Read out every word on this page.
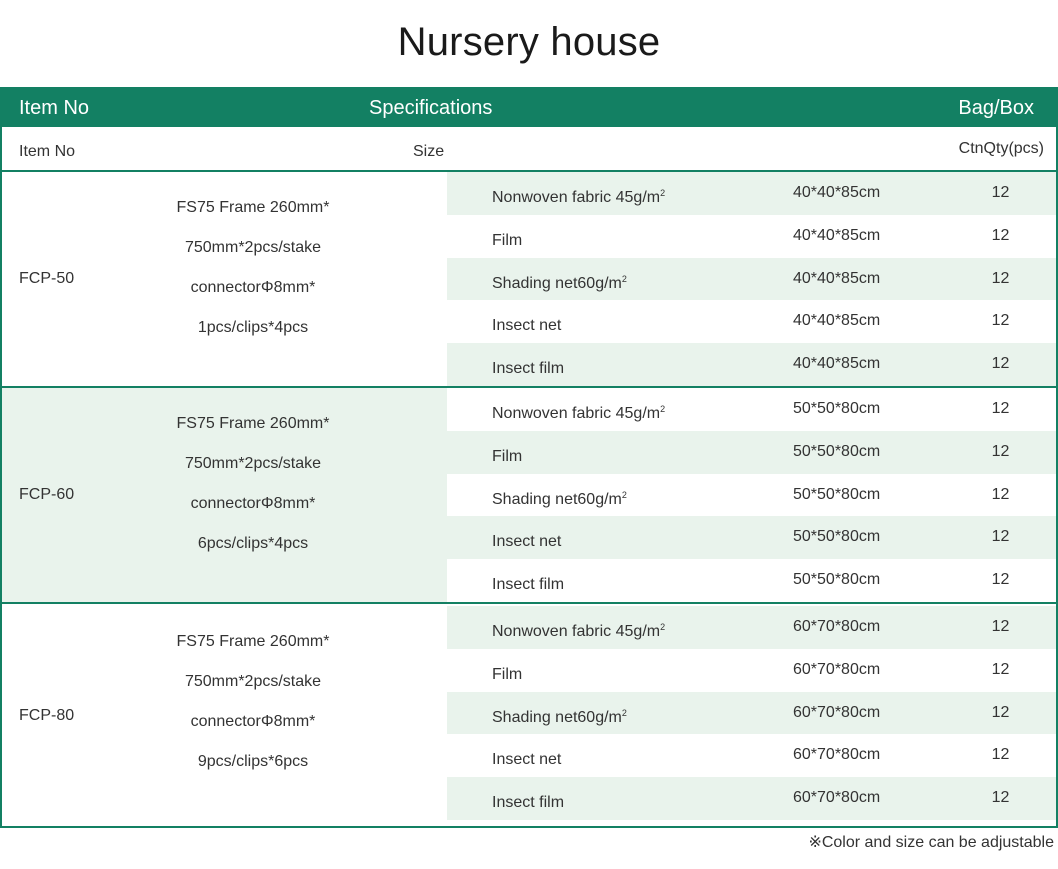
Nursery house
Item No	Specifications	Bag/Box
Item No	Size	CtnQty(pcs)
FCP-50
FS75 Frame 260mm*
750mm*2pcs/stake
connectorΦ8mm*
1pcs/clips*4pcs
Nonwoven fabric $45g/m^2$	40*40*85cm	12
Film	40*40*85cm	12
Shading $net60g/m^2$	40*40*85cm	12
Insect net	40*40*85cm	12
Insect film	40*40*85cm	12
FCP-60
FS75 Frame 260mm*
750mm*2pcs/stake
connectorΦ8mm*
6pcs/clips*4pcs
Nonwoven fabric $45g/m^2$	50*50*80cm	12
Film	50*50*80cm	12
Shading $net60g/m^2$	50*50*80cm	12
Insect net	50*50*80cm	12
Insect film	50*50*80cm	12
FCP-80
FS75 Frame 260mm*
750mm*2pcs/stake
connectorΦ8mm*
9pcs/clips*6pcs
Nonwoven fabric $45g/m^2$	60*70*80cm	12
Film	60*70*80cm	12
Shading $net60g/m^2$	60*70*80cm	12
Insect net	60*70*80cm	12
Insect film	60*70*80cm	12
※Color and size can be adjustable
